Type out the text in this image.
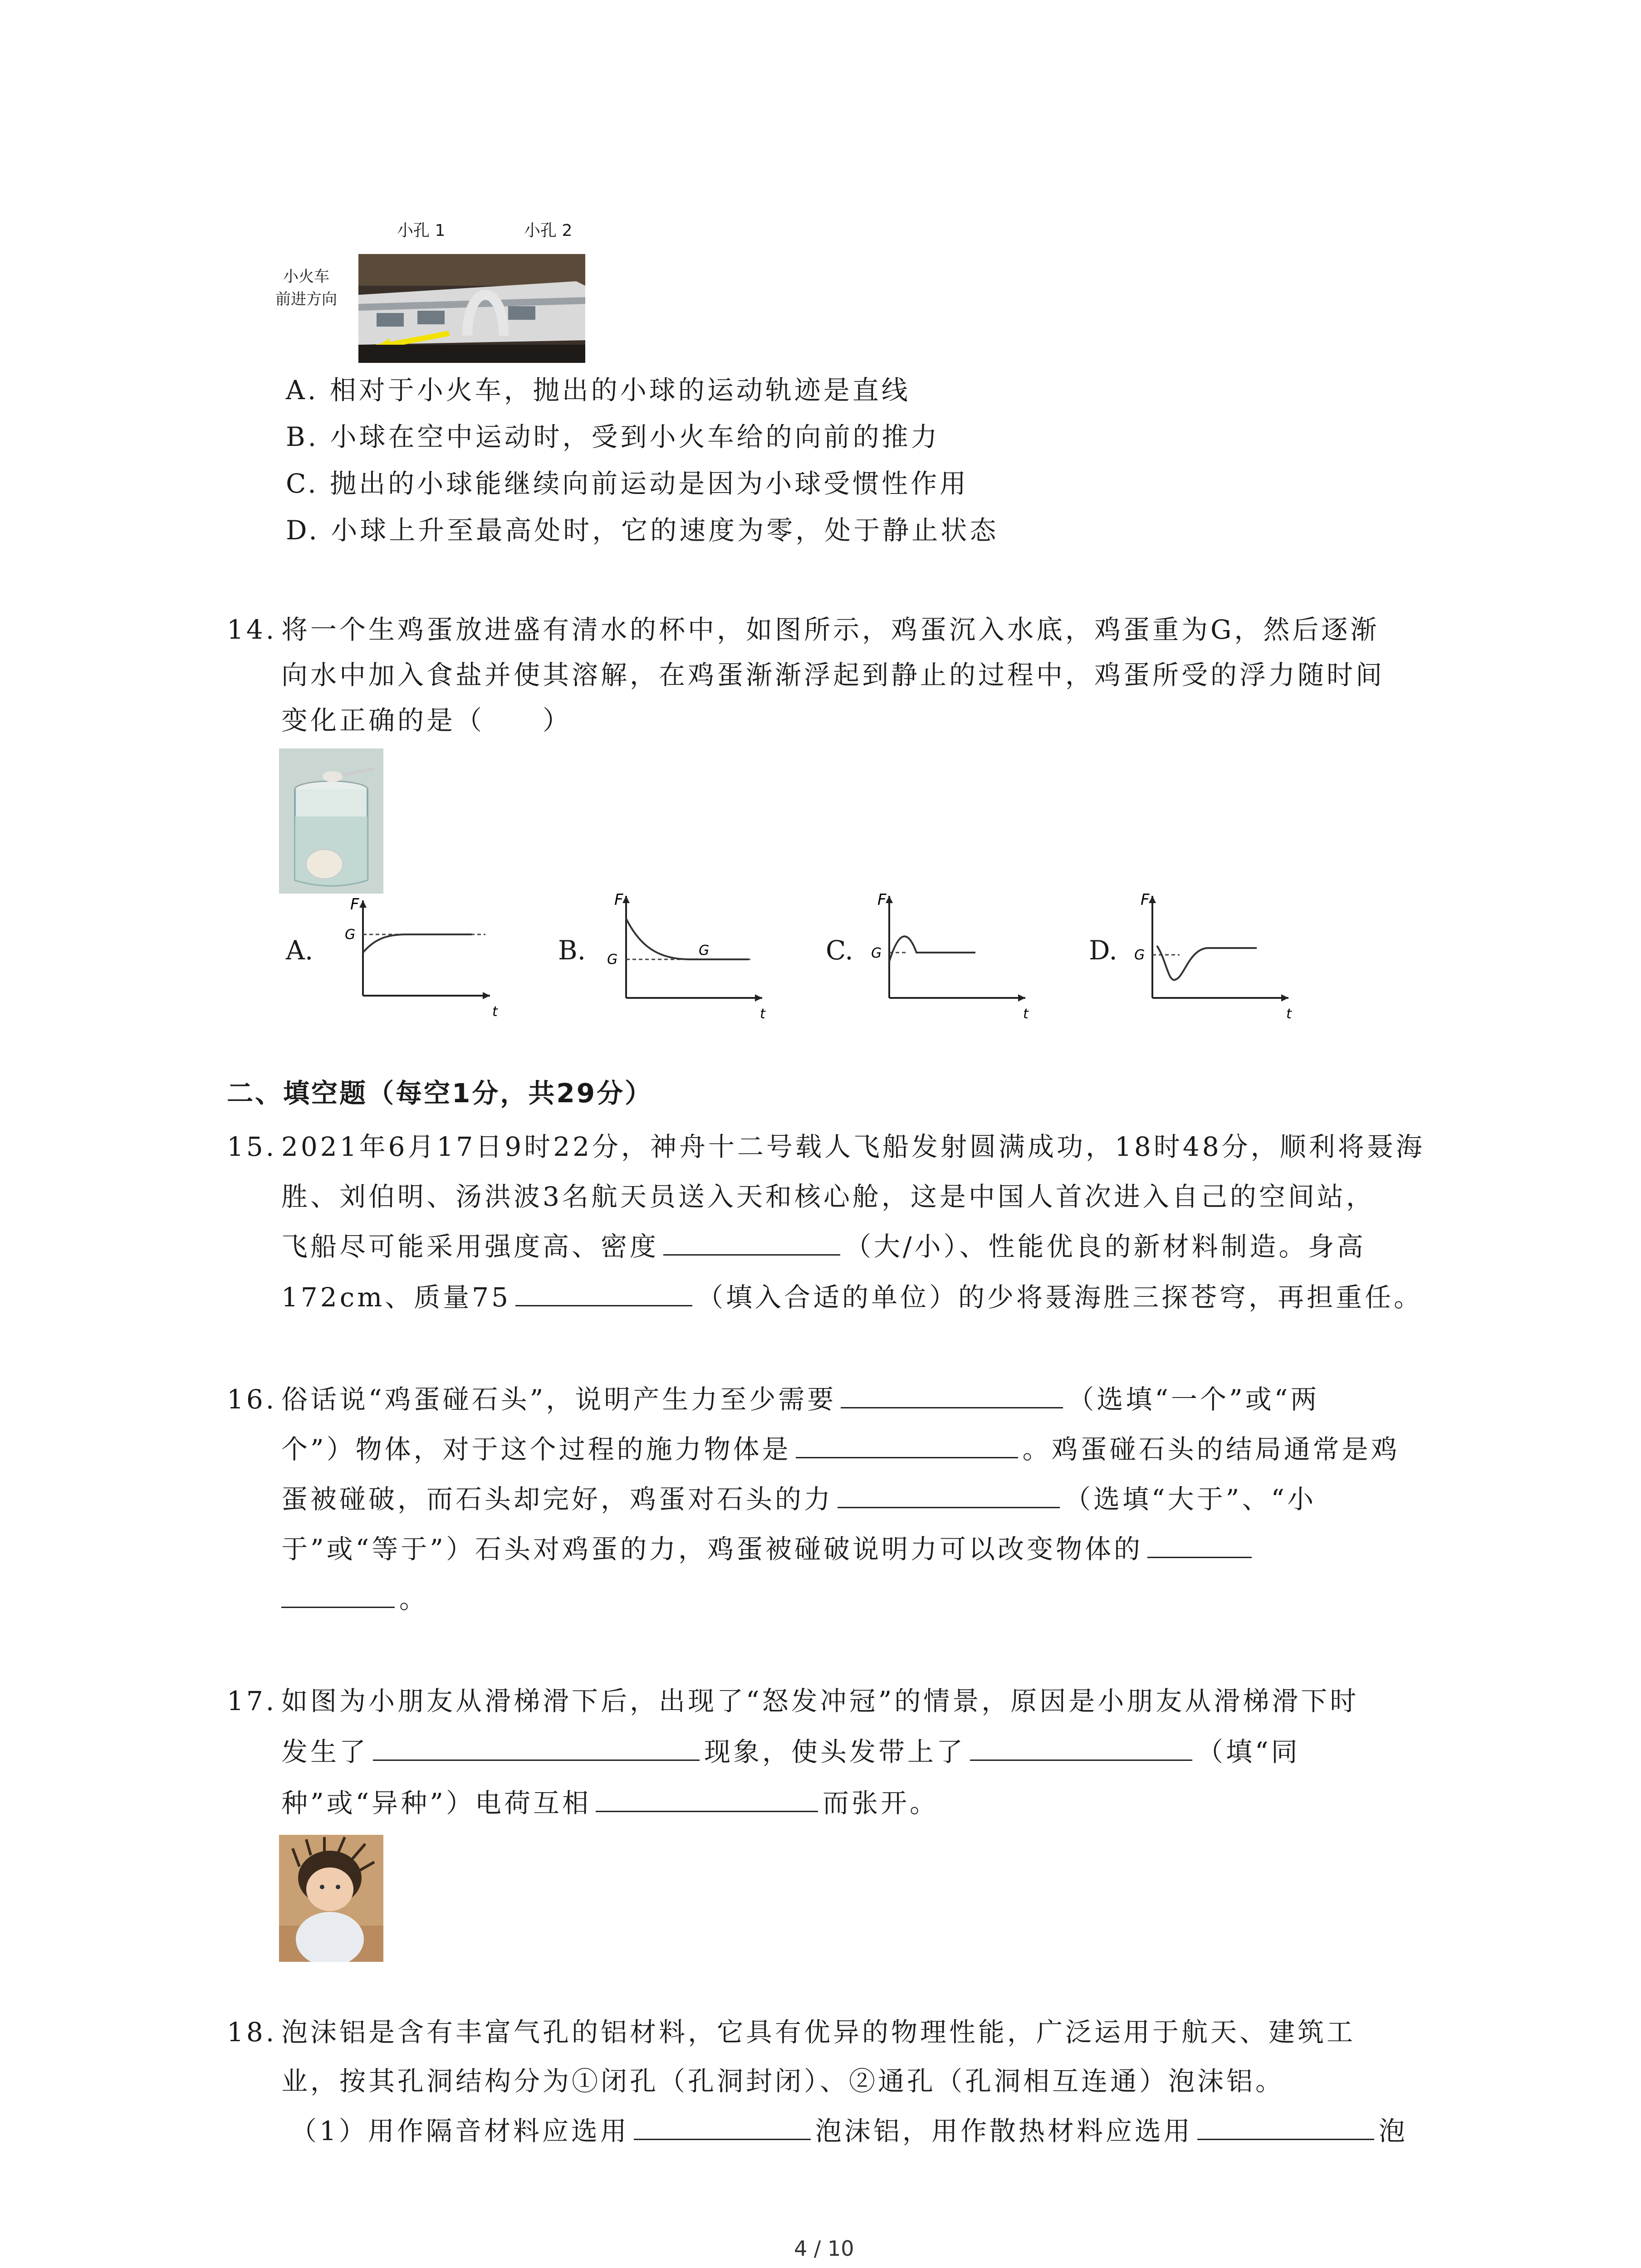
小孔 1	小孔 2
小火车
前进方向
A. 相对于小火车，抛出的小球的运动轨迹是直线
B. 小球在空中运动时，受到小火车给的向前的推力
C. 抛出的小球能继续向前运动是因为小球受惯性作用
D. 小球上升至最高处时，它的速度为零，处于静止状态
14. 将一个生鸡蛋放进盛有清水的杯中，如图所示，鸡蛋沉入水底，鸡蛋重为G，然后逐渐
向水中加入食盐并使其溶解，在鸡蛋渐渐浮起到静止的过程中，鸡蛋所受的浮力随时间
变化正确的是（　　）
A.
F
G
t
B.
F
G
G
t
C.
F
G
t
D.
F
G
t
二、填空题（每空1分，共29分）
15. 2021年6月17日9时22分，神舟十二号载人飞船发射圆满成功，18时48分，顺利将聂海
胜、刘伯明、汤洪波3名航天员送入天和核心舱，这是中国人首次进入自己的空间站，
飞船尽可能采用强度高、密度	（大/小）、性能优良的新材料制造。身高
172cm、质量75	（填入合适的单位）的少将聂海胜三探苍穹，再担重任。
16. 俗话说“鸡蛋碰石头”，说明产生力至少需要	（选填“一个”或“两
个”）物体，对于这个过程的施力物体是	。鸡蛋碰石头的结局通常是鸡
蛋被碰破，而石头却完好，鸡蛋对石头的力	（选填“大于”、“小
于”或“等于”）石头对鸡蛋的力，鸡蛋被碰破说明力可以改变物体的
。
17. 如图为小朋友从滑梯滑下后，出现了“怒发冲冠”的情景，原因是小朋友从滑梯滑下时
发生了	现象，使头发带上了	（填“同
种”或“异种”）电荷互相	而张开。
18. 泡沫铝是含有丰富气孔的铝材料，它具有优异的物理性能，广泛运用于航天、建筑工
业，按其孔洞结构分为①闭孔（孔洞封闭）、②通孔（孔洞相互连通）泡沫铝。
（1）用作隔音材料应选用	泡沫铝，用作散热材料应选用	泡
4 / 10
